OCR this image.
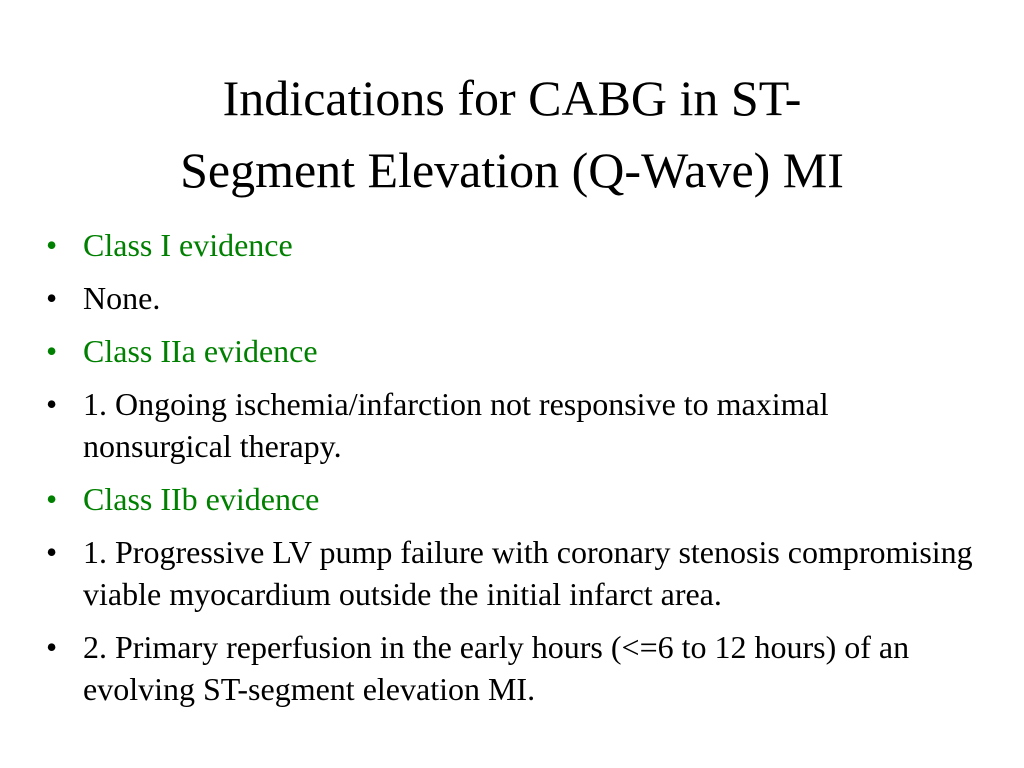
Indications for CABG in ST-
Segment Elevation (Q-Wave) MI
• Class I evidence
• None.
• Class IIa evidence
• 1. Ongoing ischemia/infarction not responsive to maximal nonsurgical therapy.
• Class IIb evidence
• 1. Progressive LV pump failure with coronary stenosis compromising viable myocardium outside the initial infarct area.
• 2. Primary reperfusion in the early hours (<=6 to 12 hours) of an evolving ST-segment elevation MI.
